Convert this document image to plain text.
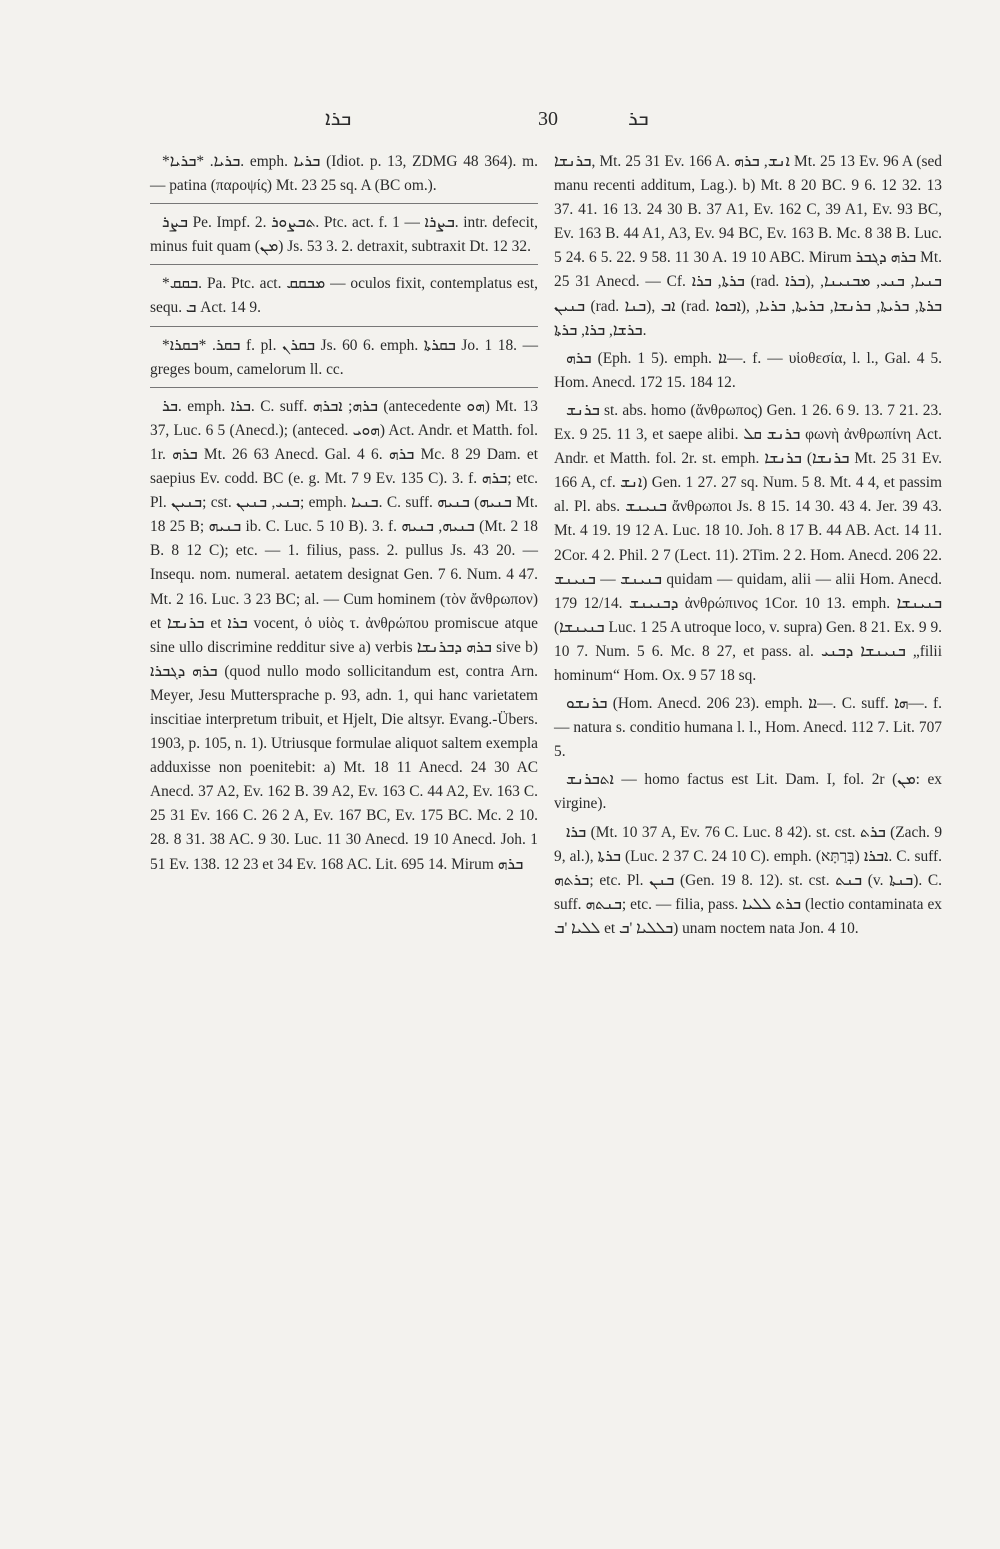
ܒܪܐ	30	ܒܪ

*ܒܪܝܐ. *ܒܪܝܐ. emph. ܒܪܝܐ (Idiot. p. 13, ZDMG 48 364). m. — patina (παροψίς) Mt. 23 25 sq. A (BC om.).

ܒܨܪ Pe. Impf. 2. ܬܒܨܘܪ. Ptc. act. f. ܒܨܪܐ — 1. intr. defecit, minus fuit quam (ܡܢ) Js. 53 3. 2. detraxit, subtraxit Dt. 12 32.

*ܒܩܩ. Pa. Ptc. act. ܡܒܩܩ — oculos fixit, contemplatus est, sequ. ܒ Act. 14 9.

*ܒܩܪ. *ܒܩܪܐ f. pl. ܒܩܪܢ Js. 60 6. emph. ܒܩܪܬܐ Jo. 1 18. — greges boum, camelorum ll. cc.

ܒܪ. emph. ܒܪܐ. C. suff. ܒܪܗ; ܐܒܪܗ (antecedente ܗܘ) Mt. 13 37, Luc. 6 5 (Anecd.); (anteced. ܗܘܝ) Act. Andr. et Matth. fol. 1r. ܒܪܗ Mt. 26 63 Anecd. Gal. 4 6. ܒܪܗ Mc. 8 29 Dam. et saepius Ev. codd. BC (e. g. Mt. 7 9 Ev. 135 C). 3. f. ܒܪܗ; etc. Pl. ܒܢܝܢ; cst. ܒܢܝ, ܒܢܝܢ; emph. ܒܢܝܐ. C. suff. ܒܢܝܗ (ܒܢܝܗ Mt. 18 25 B; ܒܢܝܗ ib. C. Luc. 5 10 B). 3. f. ܒܢܝܗ, ܒܢܝܗ (Mt. 2 18 B. 8 12 C); etc. — 1. filius, pass. 2. pullus Js. 43 20. — Insequ. nom. numeral. aetatem designat Gen. 7 6. Num. 4 47. Mt. 2 16. Luc. 3 23 BC; al. — Cum hominem (τὸν ἄνθρωπον) et ܒܪܢܫܐ et ܒܪܐ vocent, ὁ υἱὸς τ. ἀνθρώπου promiscue atque sine ullo discrimine redditur sive a) verbis ܒܪܗ ܕܒܪܢܫܐ sive b) ܒܪܗ ܕܓܒܪܐ (quod nullo modo sollicitandum est, contra Arn. Meyer, Jesu Muttersprache p. 93, adn. 1, qui hanc varietatem inscitiae interpretum tribuit, et Hjelt, Die altsyr. Evang.-Übers. 1903, p. 105, n. 1). Utriusque formulae aliquot saltem exempla adduxisse non poenitebit: a) Mt. 18 11 Anecd. 24 30 AC Anecd. 37 A2, Ev. 162 B. 39 A2, Ev. 163 C. 44 A2, Ev. 163 C. 25 31 Ev. 166 C. 26 2 A, Ev. 167 BC, Ev. 175 BC. Mc. 2 10. 28. 8 31. 38 AC. 9 30. Luc. 11 30 Anecd. 19 10 Anecd. Joh. 1 51 Ev. 138. 12 23 et 34 Ev. 168 AC. Lit. 695 14. Mirum ܒܪܗ

ܒܪܢܫܐ, Mt. 25 31 Ev. 166 A. ܐܢܫ, ܒܪܗ Mt. 25 13 Ev. 96 A (sed manu recenti additum, Lag.). b) Mt. 8 20 BC. 9 6. 12 32. 13 37. 41. 16 13. 24 30 B. 37 A1, Ev. 162 C, 39 A1, Ev. 93 BC, Ev. 163 B. 44 A1, A3, Ev. 94 BC, Ev. 163 B. Mc. 8 38 B. Luc. 5 24. 6 5. 22. 9 58. 11 30 A. 19 10 ABC. Mirum ܒܪܗ ܕܓܒܪ Mt. 25 31 Anecd. — Cf. ܒܪܬܐ, ܒܪܐ (rad. ܒܪܐ), ܒܢܝܐ, ܒܢܝ, ܡܒܢܝܢܐ, ܒܢܝܢ (rad. ܒܢܐ), ܐܒ (rad. ܐܒܘܐ), ܒܪܬܐ, ܒܪܝܬܐ, ܒܪܢܫܐ, ܒܪܝܬܐ, ܒܪܝܐ, ܒܪܫܐ, ܒܪܐ, ܒܪܬܐ.

ܒܪܗ (Eph. 1 5). emph. ܐܐ—. f. — υἱοθεσία, l. l., Gal. 4 5. Hom. Anecd. 172 15. 184 12.

ܒܪܢܫ st. abs. homo (ἄνθρωπος) Gen. 1 26. 6 9. 13. 7 21. 23. Ex. 9 25. 11 3, et saepe alibi. ܒܪܢܫ ܩܠ φωνὴ ἀνθρωπίνη Act. Andr. et Matth. fol. 2r. st. emph. ܒܪܢܫܐ (ܒܪܢܫܐ Mt. 25 31 Ev. 166 A, cf. ܐܢܫ) Gen. 1 27. 27 sq. Num. 5 8. Mt. 4 4, et passim al. Pl. abs. ܒܢܝܢܫ ἄνθρωποι Js. 8 15. 14 30. 43 4. Jer. 39 43. Mt. 4 19. 19 12 A. Luc. 18 10. Joh. 8 17 B. 44 AB. Act. 14 11. 2Cor. 4 2. Phil. 2 7 (Lect. 11). 2Tim. 2 2. Hom. Anecd. 206 22. ܒܢܝܢܫ — ܒܢܝܢܫ quidam — quidam, alii — alii Hom. Anecd. 179 12/14. ܕܒܢܝܢܫ ἀνθρώπινος 1Cor. 10 13. emph. ܒܢܝܢܫܐ (ܒܢܝܢܫܐ Luc. 1 25 A utroque loco, v. supra) Gen. 8 21. Ex. 9 9. 10 7. Num. 5 6. Mc. 8 27, et pass. al. ܒܢܝܢܫܐ ܕܒܢܝ „filii hominum“ Hom. Ox. 9 57 18 sq.

ܒܪܢܫܘ (Hom. Anecd. 206 23). emph. ܐܐ—. C. suff. ܗܐ—. f. — natura s. conditio humana l. l., Hom. Anecd. 112 7. Lit. 707 5.

ܐܬܒܪܢܫ — homo factus est Lit. Dam. I, fol. 2r (ܡܢ: ex virgine).

ܒܪܐ (Mt. 10 37 A, Ev. 76 C. Luc. 8 42). st. cst. ܒܪܬ (Zach. 9 9, al.), ܒܪܬܐ (Luc. 2 37 C. 24 10 C). emph. ܐܒܪܐ (בְּרַתָּא). C. suff. ܒܪܬܗ; etc. Pl. ܒܢܢ (Gen. 19 8. 12). st. cst. ܒܢܬ (v. ܒܢܬܐ). C. suff. ܒܢܬܗ; etc. — filia, pass. ܒܪܬ ܠܠܝܐ (lectio contaminata ex ܠܠܝܐ 'ܒ et ܒܠܠܝܐ 'ܒ) unam noctem nata Jon. 4 10.
